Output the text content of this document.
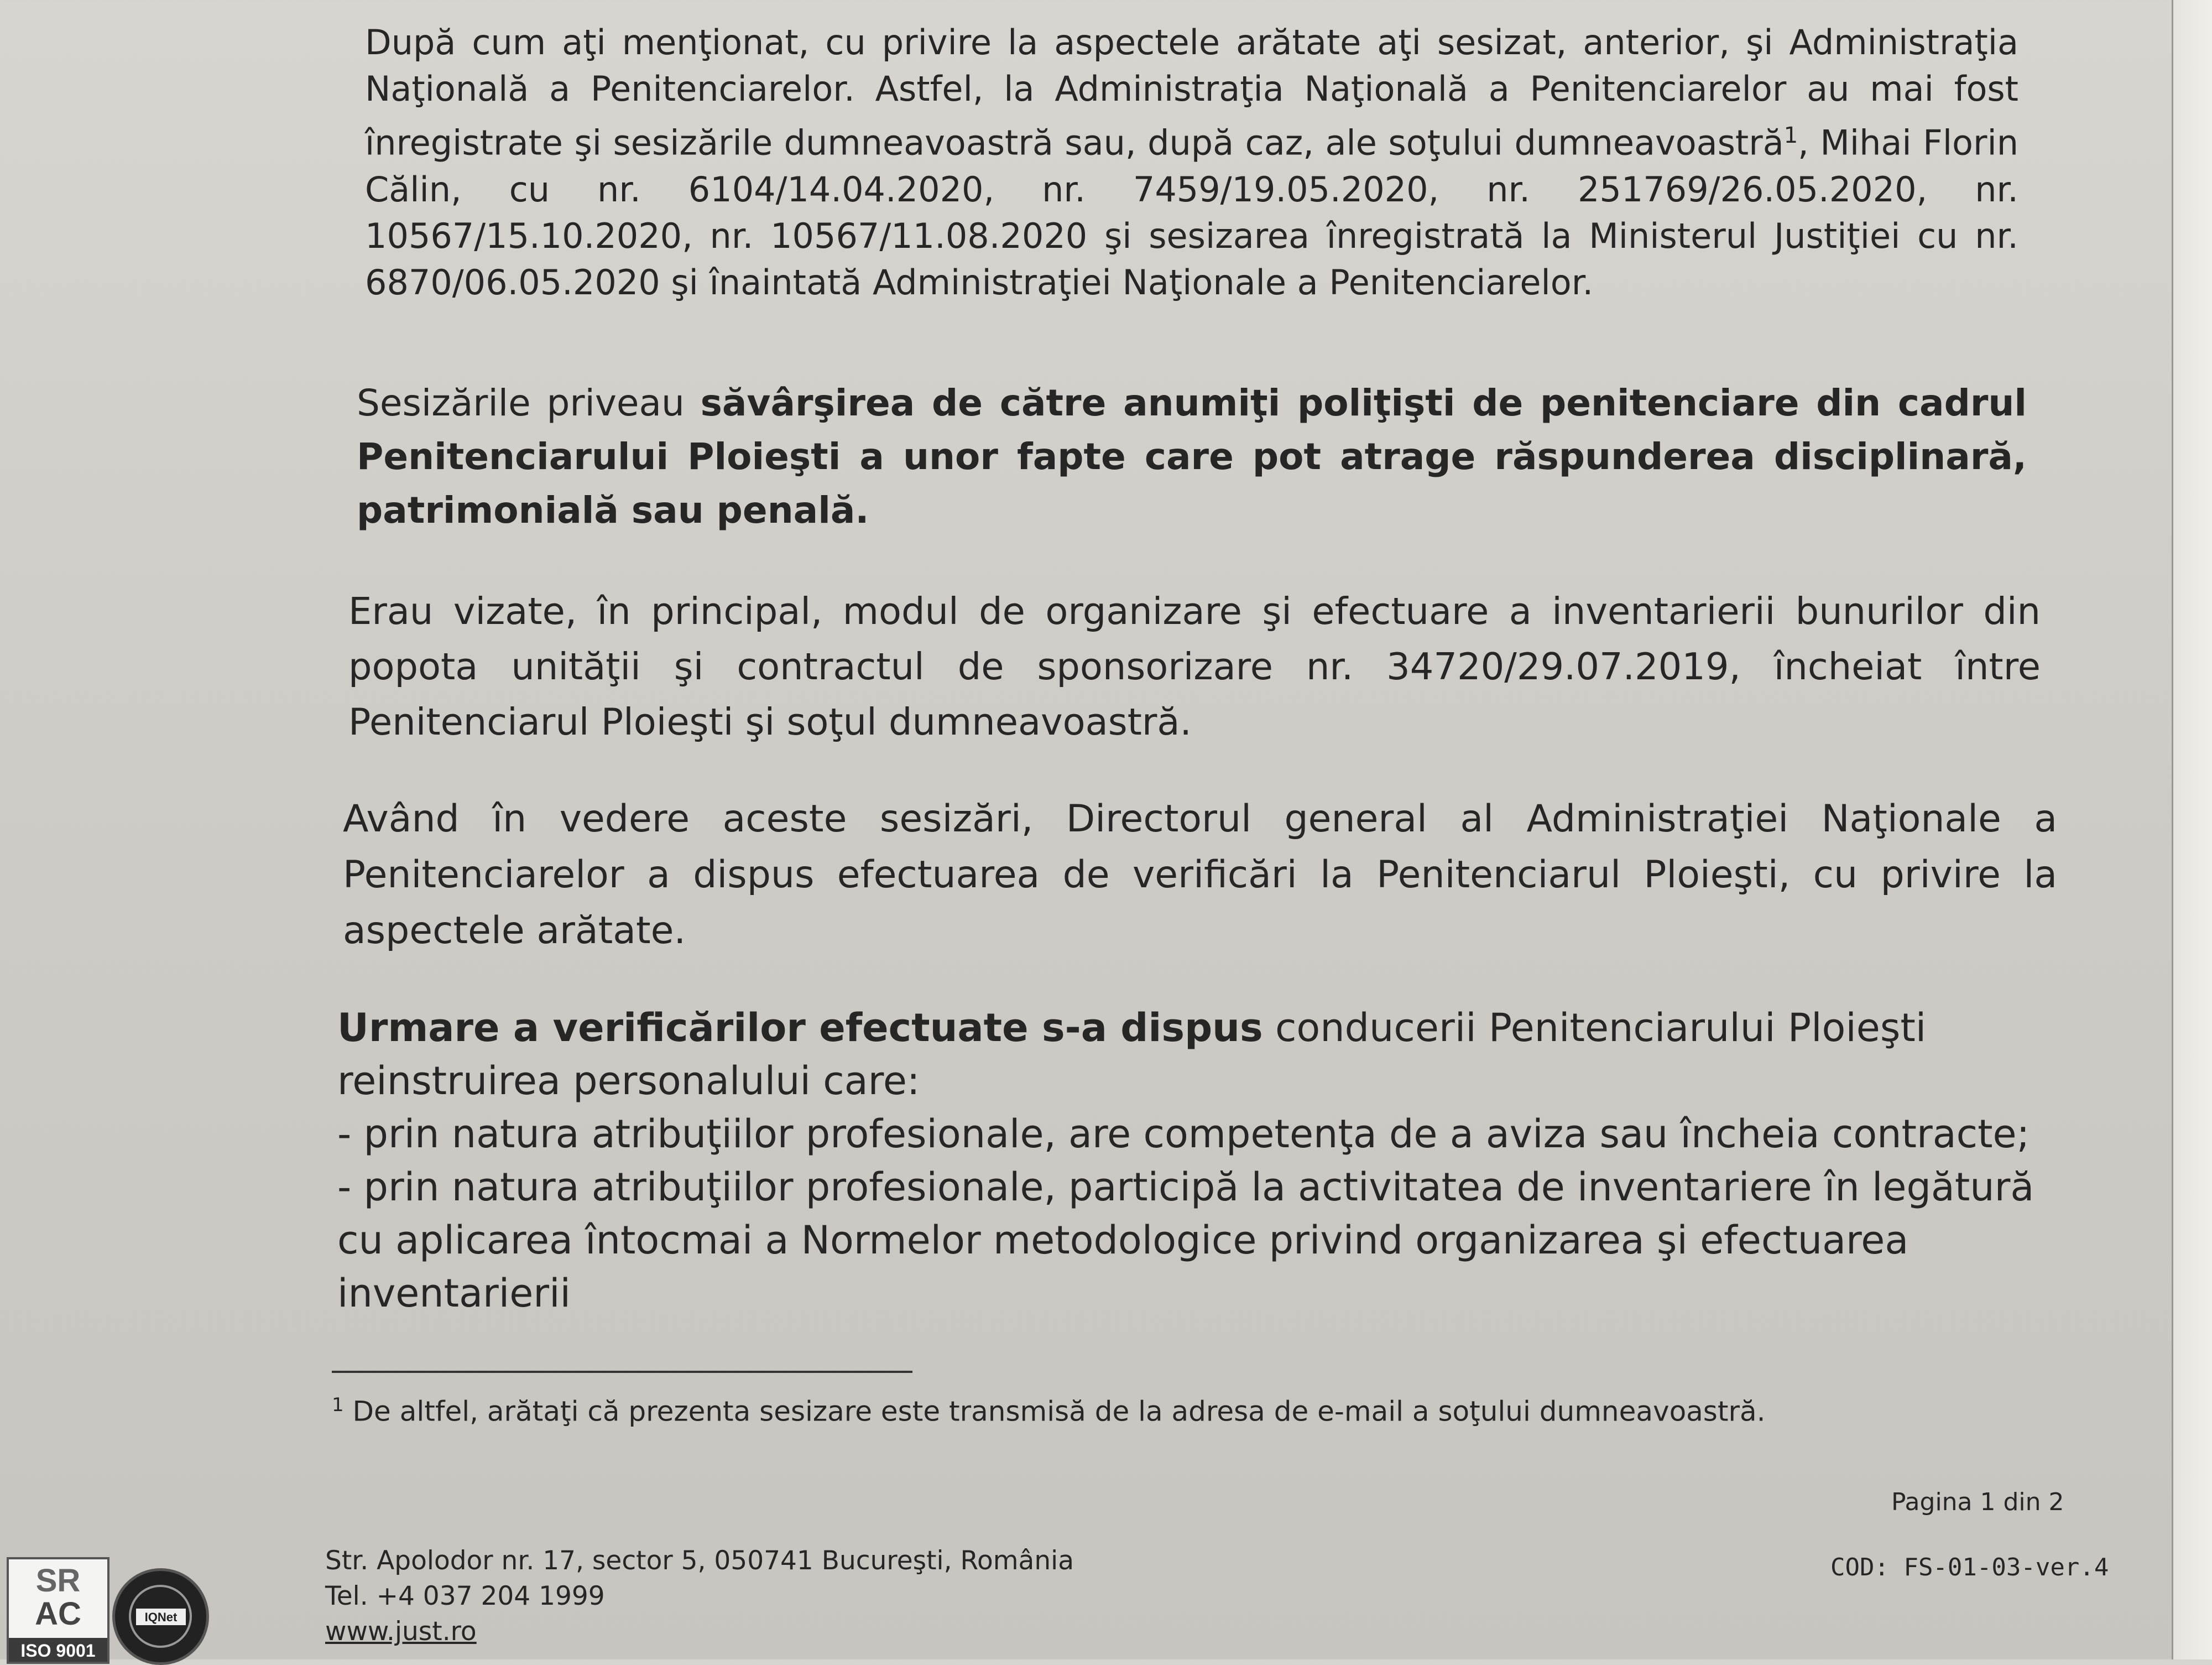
După cum aţi menţionat, cu privire la aspectele arătate aţi sesizat, anterior, şi Administraţia Naţională a Penitenciarelor. Astfel, la Administraţia Naţională a Penitenciarelor au mai fost înregistrate şi sesizările dumneavoastră sau, după caz, ale soţului dumneavoastră$^1$, Mihai Florin Călin, cu nr. 6104/14.04.2020, nr. 7459/19.05.2020, nr. 251769/26.05.2020, nr. 10567/15.10.2020, nr. 10567/11.08.2020 şi sesizarea înregistrată la Ministerul Justiţiei cu nr. 6870/06.05.2020 şi înaintată Administraţiei Naţionale a Penitenciarelor.

Sesizările priveau săvârşirea de către anumiţi poliţişti de penitenciare din cadrul Penitenciarului Ploieşti a unor fapte care pot atrage răspunderea disciplinară, patrimonială sau penală.

Erau vizate, în principal, modul de organizare şi efectuare a inventarierii bunurilor din popota unităţii şi contractul de sponsorizare nr. 34720/29.07.2019, încheiat între Penitenciarul Ploieşti şi soţul dumneavoastră.

Având în vedere aceste sesizări, Directorul general al Administraţiei Naţionale a Penitenciarelor a dispus efectuarea de verificări la Penitenciarul Ploieşti, cu privire la aspectele arătate.

Urmare a verificărilor efectuate s-a dispus conducerii Penitenciarului Ploieşti reinstruirea personalului care:
- prin natura atribuţiilor profesionale, are competenţa de a aviza sau încheia contracte;
- prin natura atribuţiilor profesionale, participă la activitatea de inventariere în legătură cu aplicarea întocmai a Normelor metodologice privind organizarea şi efectuarea inventarierii

$^1$ De altfel, arătaţi că prezenta sesizare este transmisă de la adresa de e-mail a soţului dumneavoastră.

Pagina 1 din 2
COD: FS-01-03-ver.4
Str. Apolodor nr. 17, sector 5, 050741 Bucureşti, România
Tel. +4 037 204 1999
www.just.ro
SR
AC
ISO 9001
IQNet
